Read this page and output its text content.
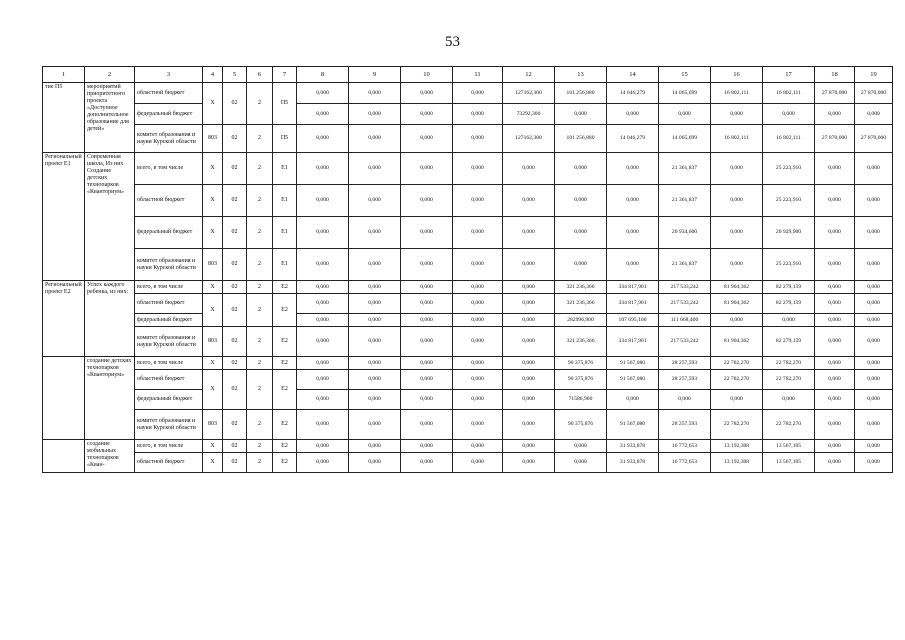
53
1	2	3	4	5	6	7	8	9	10	11	12	13	14	15	16	17	18	19
тие П5	мероприятий приоритетного проекта «Доступное дополнительное образование для детей»	областной бюджет	X	02	2	П5	0,000	0,000	0,000	0,000	127162,300	101 256,880	14 046,279	14 065,699	16 802,111	16 802,111	27 870,000	27 870,000
		федеральный бюджет					0,000	0,000	0,000	0,000	73292,300	0,000	0,000	0,000	0,000	0,000	0,000	0,000
		комитет образования и науки Курской области	803	02	2	П5	0,000	0,000	0,000	0,000	127162,300	101 256,880	14 046,279	14 065,699	16 802,111	16 802,111	27 870,000	27 870,000
Региональный проект Е1	Современная школа, Из них Создание детских технопарков «Кванториум»	всего, в том числе	X	02	2	Е1	0,000	0,000	0,000	0,000	0,000	0,000	0,000	21 361,837	0,000	25 223,910	0,000	0,000
		областной бюджет	X	02	2	Е1	0,000	0,000	0,000	0,000	0,000	0,000	0,000	21 361,837	0,000	25 223,910	0,000	0,000
		федеральный бюджет	X	02	2	Е1	0,000	0,000	0,000	0,000	0,000	0,000	0,000	20 934,600	0,000	20 929,900	0,000	0,000
		комитет образования и науки Курской области	803	02	2	Е1	0,000	0,000	0,000	0,000	0,000	0,000	0,000	21 361,837	0,000	25 223,910	0,000	0,000
Региональный проект Е2	Успех каждого ребенка, из них:	всего, в том числе	X	02	2	Е2	0,000	0,000	0,000	0,000	0,000	321 236,366	334 817,901	217 533,242	81 904,362	82 279,159	0,000	0,000
		областной бюджет	X	02	2	Е2	0,000	0,000	0,000	0,000	0,000	321 236,366	334 817,901	217 533,242	81 904,362	82 279,159	0,000	0,000
		федеральный бюджет					0,000	0,000	0,000	0,000	0,000	282996,900	107 695,100	111 668,400	0,000	0,000	0,000	0,000
		комитет образования и науки Курской области	803	02	2	Е2	0,000	0,000	0,000	0,000	0,000	321 236,366	334 817,901	217 533,242	81 904,362	82 279,159	0,000	0,000
	создание детских технопарков «Кванториум»	всего, в том числе	X	02	2	Е2	0,000	0,000	0,000	0,000	0,000	90 375,876	91 567,080	28 257,593	22 782,270	22 782,270	0,000	0,000
		областной бюджет	X	02	2	Е2	0,000	0,000	0,000	0,000	0,000	90 375,876	91 567,080	28 257,593	22 782,270	22 782,270	0,000	0,000
		федеральный бюджет					0,000	0,000	0,000	0,000	0,000	71586,900	0,000	0,000	0,000	0,000	0,000	0,000
		комитет образования и науки Курской области	803	02	2	Е2	0,000	0,000	0,000	0,000	0,000	90 375,876	91 567,080	28 257,593	22 782,270	22 782,270	0,000	0,000
	создание мобильных технопарков «Кван-	всего, в том числе	X	02	2	Е2	0,000	0,000	0,000	0,000	0,000	0,000	31 933,878	16 772,653	13 192,308	13 567,105	0,000	0,000
		областной бюджет	X	02	2	Е2	0,000	0,000	0,000	0,000	0,000	0,000	31 933,878	16 772,653	13 192,308	13 567,105	0,000	0,000
